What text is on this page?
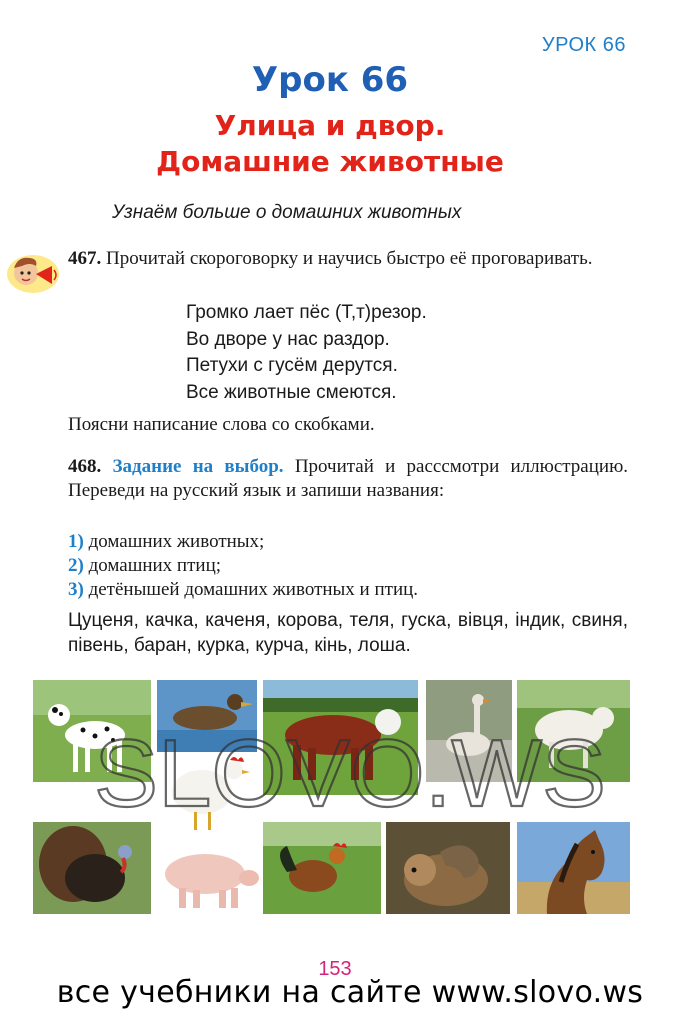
УРОК 66
Урок 66
Улица и двор.
Домашние животные
Узнаём больше о домашних животных
467. Прочитай скороговорку и научись быстро её проговаривать.
Громко лает пёс (Т,т)резор.
Во дворе у нас раздор.
Петухи с гусём дерутся.
Все животные смеются.
Поясни написание слова со скобками.
468. Задание на выбор. Прочитай и расссмотри иллюстрацию. Переведи на русский язык и запиши названия:
1) домашних животных;
2) домашних птиц;
3) детёнышей домашних животных и птиц.
Цуценя, качка, каченя, корова, теля, гуска, вівця, індик, свиня, півень, баран, курка, курча, кінь, лоша.
SLOVO.WS
153
все учебники на сайте www.slovo.ws
